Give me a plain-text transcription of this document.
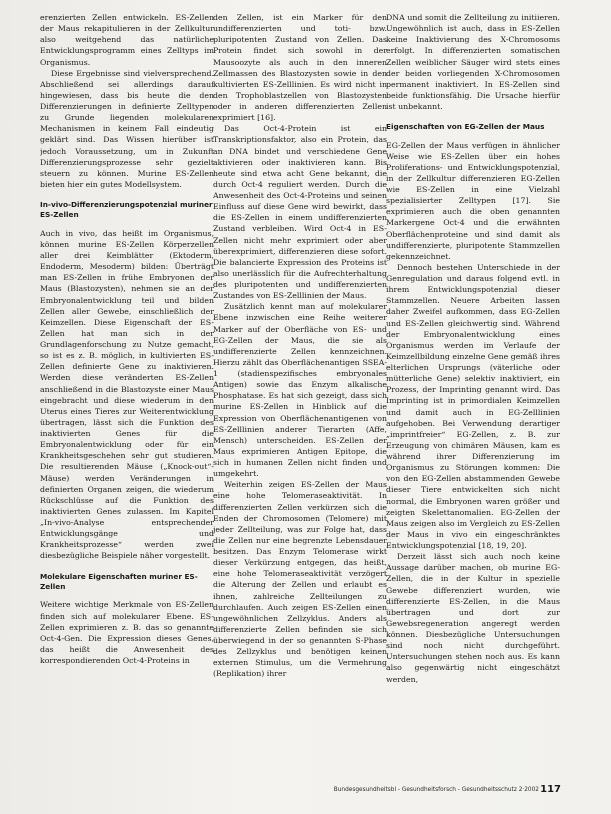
erenzierten Zellen entwickeln. ES-Zellen der Maus rekapitulieren in der Zellkultur also weitgehend das natürliche Entwicklungsprogramm eines Zelltyps im Organismus.

Diese Ergebnisse sind vielversprechend. Abschließend sei allerdings darauf hingewiesen, dass bis heute die den Differenzierungen in definierte Zelltypen zu Grunde liegenden molekularen Mechanismen in keinem Fall eindeutig geklärt sind. Das Wissen hierüber ist jedoch Voraussetzung, um in Zukunft Differenzierungsprozesse sehr gezielt steuern zu können. Murine ES-Zellen bieten hier ein gutes Modellsystem.

In-vivo-Differenzierungspotenzial muriner ES-Zellen

Auch in vivo, das heißt im Organismus, können murine ES-Zellen Körperzellen aller drei Keimblätter (Ektoderm, Endoderm, Mesoderm) bilden: Überträgt man ES-Zellen in frühe Embryonen der Maus (Blastozysten), nehmen sie an der Embryonalentwicklung teil und bilden Zellen aller Gewebe, einschließlich der Keimzellen. Diese Eigenschaft der ES-Zellen hat man sich in der Grundlagenforschung zu Nutze gemacht, so ist es z. B. möglich, in kultivierten ES-Zellen definierte Gene zu inaktivieren. Werden diese veränderten ES-Zellen anschließend in die Blastozyste einer Maus eingebracht und diese wiederum in den Uterus eines Tieres zur Weiterentwicklung übertragen, lässt sich die Funktion des inaktivierten Genes für die Embryonalentwicklung oder für ein Krankheitsgeschehen sehr gut studieren. Die resultierenden Mäuse („Knock-out“-Mäuse) werden Veränderungen in definierten Organen zeigen, die wiederum Rückschlüsse auf die Funktion des inaktivierten Genes zulassen. Im Kapitel „In-vivo-Analyse entsprechender Entwicklungsgänge und Krankheitsprozesse“ werden zwei diesbezügliche Beispiele näher vorgestellt.

Molekulare Eigenschaften muriner ES-Zellen

Weitere wichtige Merkmale von ES-Zellen finden sich auf molekularer Ebene. ES-Zellen exprimieren z. B. das so genannte Oct-4-Gen. Die Expression dieses Genes, das heißt die Anwesenheit des korrespondierenden Oct-4-Proteins in

den Zellen, ist ein Marker für den undifferenzierten und toti- bzw. pluripotenten Zustand von Zellen. Das Protein findet sich sowohl in der Mausoozyte als auch in den inneren Zellmassen des Blastozysten sowie in den kultivierten ES-Zelllinien. Es wird nicht in den Trophoblastzellen von Blastozysten oder in anderen differenzierten Zellen exprimiert [16].

Das Oct-4-Protein ist ein Transkriptionsfaktor, also ein Protein, das an DNA bindet und verschiedene Gene aktivieren oder inaktivieren kann. Bis heute sind etwa acht Gene bekannt, die durch Oct-4 reguliert werden. Durch die Anwesenheit des Oct-4-Proteins und seinen Einfluss auf diese Gene wird bewirkt, dass die ES-Zellen in einem undifferenzierten Zustand verbleiben. Wird Oct-4 in ES-Zellen nicht mehr exprimiert oder aber überexprimiert, differenzieren diese sofort. Die balancierte Expression des Proteins ist also unerlässlich für die Aufrechterhaltung des pluripotenten und undifferenzierten Zustandes von ES-Zelllinien der Maus.

Zusätzlich kennt man auf molekularer Ebene inzwischen eine Reihe weiterer Marker auf der Oberfläche von ES- und EG-Zellen der Maus, die sie als undifferenzierte Zellen kennzeichnen. Hierzu zählt das Oberflächenantigen SSEA-1 (stadienspezifisches embryonales Antigen) sowie das Enzym alkalische Phosphatase. Es hat sich gezeigt, dass sich murine ES-Zellen in Hinblick auf die Expression von Oberflächenantigenen von ES-Zelllinien anderer Tierarten (Affe, Mensch) unterscheiden. ES-Zellen der Maus exprimieren Antigen Epitope, die sich in humanen Zellen nicht finden und umgekehrt.

Weiterhin zeigen ES-Zellen der Maus eine hohe Telomeraseaktivität. In differenzierten Zellen verkürzen sich die Enden der Chromosomen (Telomere) mit jeder Zellteilung, was zur Folge hat, dass die Zellen nur eine begrenzte Lebensdauer besitzen. Das Enzym Telomerase wirkt dieser Verkürzung entgegen, das heißt, eine hohe Telomeraseaktivität verzögert die Alterung der Zellen und erlaubt es ihnen, zahlreiche Zellteilungen zu durchlaufen. Auch zeigen ES-Zellen einen ungewöhnlichen Zellzyklus. Anders als differenzierte Zellen befinden sie sich überwiegend in der so genannten S-Phase des Zellzyklus und benötigen keinen externen Stimulus, um die Vermehrung (Replikation) ihrer

DNA und somit die Zellteilung zu initiieren. Ungewöhnlich ist auch, dass in ES-Zellen keine Inaktivierung des X-Chromosoms erfolgt. In differenzierten somatischen Zellen weiblicher Säuger wird stets eines der beiden vorliegenden X-Chromosomen permanent inaktiviert. In ES-Zellen sind beide funktionsfähig. Die Ursache hierfür ist unbekannt.

Eigenschaften von EG-Zellen der Maus

EG-Zellen der Maus verfügen in ähnlicher Weise wie ES-Zellen über ein hohes Proliferations- und Entwicklungspotenzial, in der Zellkultur differenzieren EG-Zellen wie ES-Zellen in eine Vielzahl spezialisierter Zelltypen [17]. Sie exprimieren auch die oben genannten Markergene Oct-4 und die erwähnten Oberflächenproteine und sind damit als undifferenzierte, pluripotente Stammzellen gekennzeichnet.

Dennoch bestehen Unterschiede in der Genregulation und daraus folgend evtl. in ihrem Entwicklungspotenzial dieser Stammzellen. Neuere Arbeiten lassen daher Zweifel aufkommen, dass EG-Zellen und ES-Zellen gleichwertig sind. Während der Embryonalentwicklung eines Organismus werden im Verlaufe der Keimzellbildung einzelne Gene gemäß ihres elterlichen Ursprungs (väterliche oder mütterliche Gene) selektiv inaktiviert, ein Prozess, der Imprinting genannt wird. Das Imprinting ist in primordialen Keimzellen und damit auch in EG-Zelllinien aufgehoben. Bei Verwendung derartiger „imprintfreier“ EG-Zellen, z. B. zur Erzeugung von chimären Mäusen, kam es während ihrer Differenzierung im Organismus zu Störungen kommen: Die von den EG-Zellen abstammenden Gewebe dieser Tiere entwickelten sich nicht normal, die Embryonen waren größer und zeigten Skelettanomalien. EG-Zellen der Maus zeigen also im Vergleich zu ES-Zellen der Maus in vivo ein eingeschränktes Entwicklungspotenzial [18, 19, 20].

Derzeit lässt sich auch noch keine Aussage darüber machen, ob murine EG-Zellen, die in der Kultur in spezielle Gewebe differenziert wurden, wie differenzierte ES-Zellen, in die Maus übertragen und dort zur Gewebsregeneration angeregt werden können. Diesbezügliche Untersuchungen sind noch nicht durchgeführt. Untersuchungen stehen noch aus. Es kann also gegenwärtig nicht eingeschätzt werden,

Bundesgesundheitsbl - Gesundheitsforsch - Gesundheitsschutz 2·2002 117
